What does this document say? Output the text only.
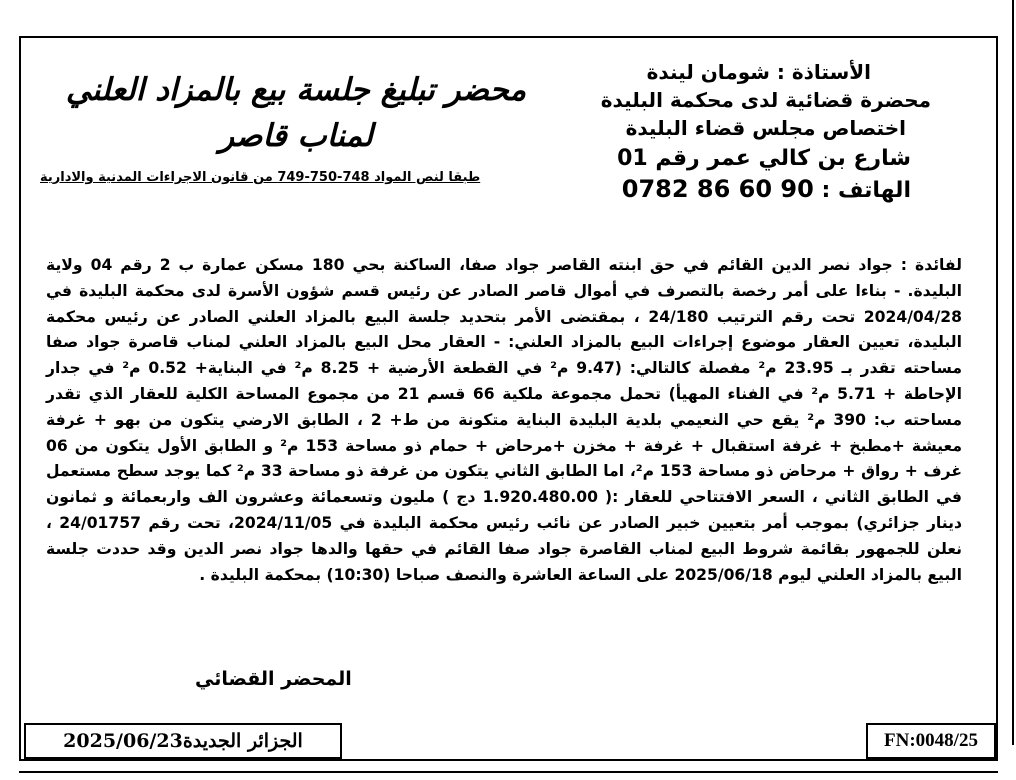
الأستاذة : شومان ليندة
محضرة قضائية لدى محكمة البليدة
اختصاص مجلس قضاء البليدة
شارع بن كالي عمر رقم 01
الهاتف : 0782 86 60 90
محضر تبليغ جلسة بيع بالمزاد العلني
لمناب قاصر
طبقا لنص المواد 748-750-749 من قانون الاجراءات المدنية والادارية
لفائدة : جواد نصر الدين القائم في حق ابنته القاصر جواد صفا، الساكنة بحي 180 مسكن عمارة ب 2 رقم 04 ولاية البليدة. - بناءا على أمر رخصة بالتصرف في أموال قاصر الصادر عن رئيس قسم شؤون الأسرة لدى محكمة البليدة في 2024/04/28 تحت رقم الترتيب 24/180 ، بمقتضى الأمر بتحديد جلسة البيع بالمزاد العلني الصادر عن رئيس محكمة البليدة، تعيين العقار موضوع إجراءات البيع بالمزاد العلني: - العقار محل البيع بالمزاد العلني لمناب قاصرة جواد صفا مساحته تقدر بـ 23.95 م² مفصلة كالتالي: (9.47 م² في القطعة الأرضية + 8.25 م² في البناية+ 0.52 م² في جدار الإحاطة + 5.71 م² في الفناء المهيأ) تحمل مجموعة ملكية 66 قسم 21 من مجموع المساحة الكلية للعقار الذي تقدر مساحته ب: 390 م² يقع حي النعيمي بلدية البليدة البناية متكونة من ط+ 2 ، الطابق الارضي يتكون من بهو + غرفة معيشة +مطبخ + غرفة استقبال + غرفة + مخزن +مرحاض + حمام ذو مساحة 153 م² و الطابق الأول يتكون من 06 غرف + رواق + مرحاض ذو مساحة 153 م²، اما الطابق الثاني يتكون من غرفة ذو مساحة 33 م² كما يوجد سطح مستعمل في الطابق الثاني ، السعر الافتتاحي للعقار :( 1.920.480.00 دج ) مليون وتسعمائة وعشرون الف واربعمائة و ثمانون دينار جزائري) بموجب أمر بتعيين خبير الصادر عن نائب رئيس محكمة البليدة في 2024/11/05، تحت رقم 24/01757 ، نعلن للجمهور بقائمة شروط البيع لمناب القاصرة جواد صفا القائم في حقها والدها جواد نصر الدين وقد حددت جلسة البيع بالمزاد العلني ليوم 2025/06/18 على الساعة العاشرة والنصف صباحا (10:30) بمحكمة البليدة .
المحضر القضائي
الجزائر الجديدة2025/06/23	FN:0048/25
